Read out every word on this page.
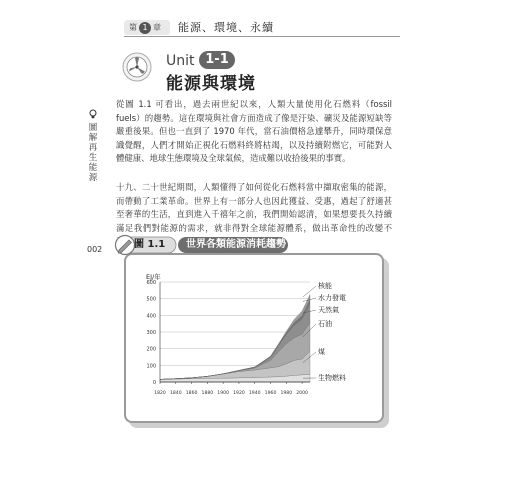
第 1 章	能源、環境、永續
Unit 1-1
能源與環境
圖解再生能源
002
從圖 1.1 可看出，過去兩世紀以來，人類大量使用化石燃料（fossil fuels）的趨勢。這在環境與社會方面造成了像是汙染、礦災及能源短缺等嚴重後果。但也一直到了 1970 年代，當石油價格急遽攀升，同時環保意識覺醒，人們才開始正視化石燃料終將枯竭，以及持續附燃它，可能對人體健康、地球生態環境及全球氣候，造成難以收拾後果的事實。
十九、二十世紀期間，人類懂得了如何從化石燃料當中擷取密集的能源，而帶動了工業革命。世界上有一部分人也因此獲益、受惠，過起了舒適甚至奢華的生活，直到進入千禧年之前，我們開始認清，如果想要長久持續滿足我們對能源的需求，就非得對全球能源體系，做出革命性的改變不
圖 1.1 世界各類能源消耗趨勢
0
100
200
300
400
500
600
EJ/年
1820 1840 1860 1880 1900 1920 1940 1960 1980 2000
生物燃料
煤
石油
天然氣
水力發電
核能
